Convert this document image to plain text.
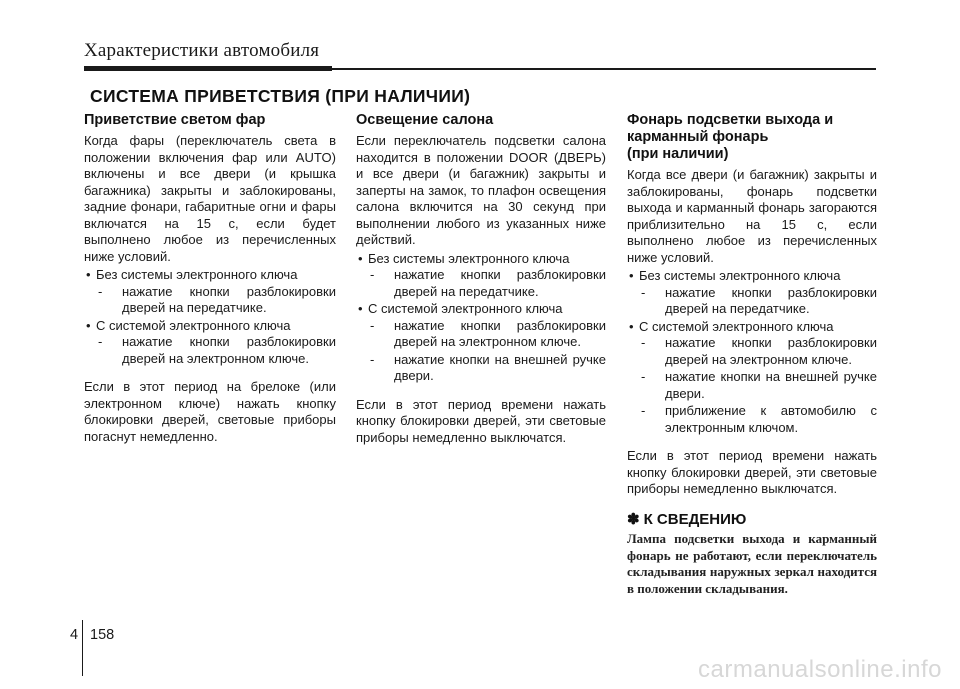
Характеристики автомобиля
СИСТЕМА ПРИВЕТСТВИЯ (ПРИ НАЛИЧИИ)
Приветствие светом фар

Когда фары (переключатель света в положении включения фар или AUTO) включены и все двери (и крышка багажника) закрыты и заблокированы, задние фонари, габаритные огни и фары включатся на 15 с, если будет выполнено любое из перечисленных ниже условий.

• Без системы электронного ключа
- нажатие кнопки разблокировки дверей на передатчике.
• С системой электронного ключа
- нажатие кнопки разблокировки дверей на электронном ключе.

Если в этот период на брелоке (или электронном ключе) нажать кнопку блокировки дверей, световые приборы погаснут немедленно.

Освещение салона

Если переключатель подсветки салона находится в положении DOOR (ДВЕРЬ) и все двери (и багажник) закрыты и заперты на замок, то плафон освещения салона включится на 30 секунд при выполнении любого из указанных ниже действий.

• Без системы электронного ключа
- нажатие кнопки разблокировки дверей на передатчике.
• С системой электронного ключа
- нажатие кнопки разблокировки дверей на электронном ключе.
- нажатие кнопки на внешней ручке двери.

Если в этот период времени нажать кнопку блокировки дверей, эти световые приборы немедленно выключатся.

Фонарь подсветки выхода и
карманный фонарь
(при наличии)

Когда все двери (и багажник) закрыты и заблокированы, фонарь подсветки выхода и карманный фонарь загораются приблизительно на 15 с, если выполнено любое из перечисленных ниже условий.

• Без системы электронного ключа
- нажатие кнопки разблокировки дверей на передатчике.
• С системой электронного ключа
- нажатие кнопки разблокировки дверей на электронном ключе.
- нажатие кнопки на внешней ручке двери.
- приближение к автомобилю с электронным ключом.

Если в этот период времени нажать кнопку блокировки дверей, эти световые приборы немедленно выключатся.

✽ К СВЕДЕНИЮ
Лампа подсветки выхода и карманный фонарь не работают, если переключатель складывания наружных зеркал находится в положении складывания.
4 158
carmanualsonline.info
